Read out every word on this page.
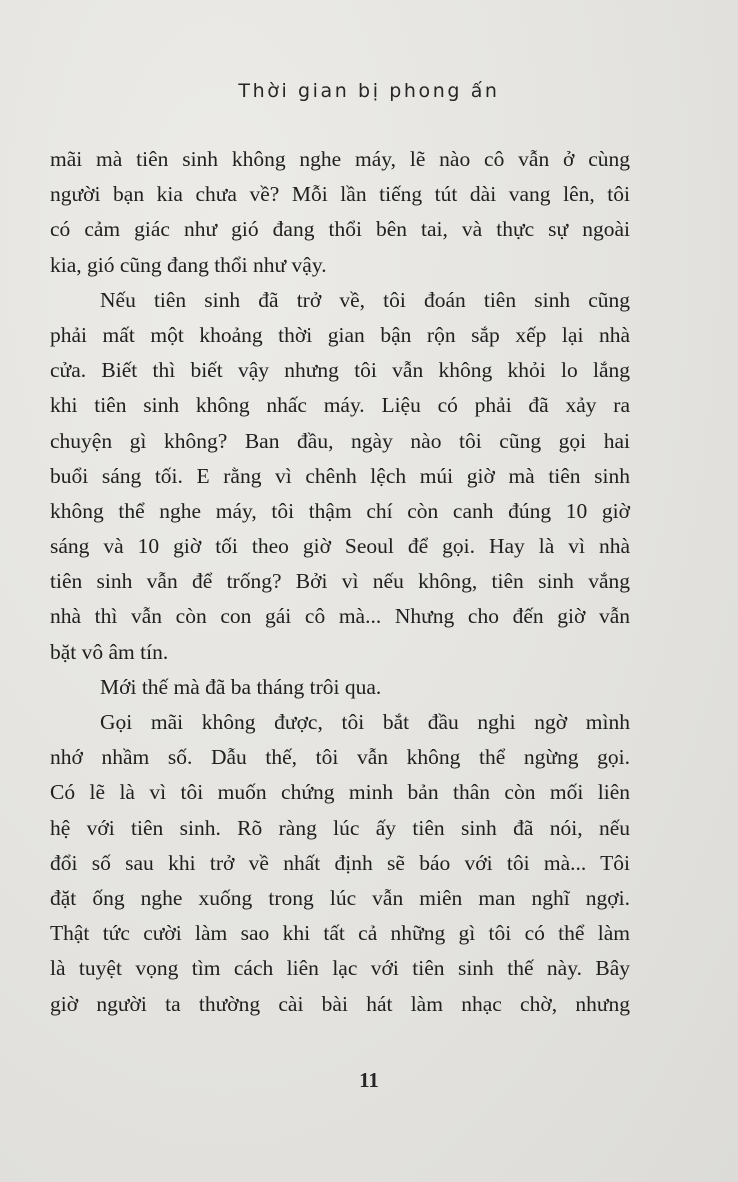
Thời gian bị phong ấn
mãi mà tiên sinh không nghe máy, lẽ nào cô vẫn ở cùng
người bạn kia chưa về? Mỗi lần tiếng tút dài vang lên, tôi
có cảm giác như gió đang thổi bên tai, và thực sự ngoài
kia, gió cũng đang thổi như vậy.
Nếu tiên sinh đã trở về, tôi đoán tiên sinh cũng
phải mất một khoảng thời gian bận rộn sắp xếp lại nhà
cửa. Biết thì biết vậy nhưng tôi vẫn không khỏi lo lắng
khi tiên sinh không nhấc máy. Liệu có phải đã xảy ra
chuyện gì không? Ban đầu, ngày nào tôi cũng gọi hai
buổi sáng tối. E rằng vì chênh lệch múi giờ mà tiên sinh
không thể nghe máy, tôi thậm chí còn canh đúng 10 giờ
sáng và 10 giờ tối theo giờ Seoul để gọi. Hay là vì nhà
tiên sinh vẫn để trống? Bởi vì nếu không, tiên sinh vắng
nhà thì vẫn còn con gái cô mà... Nhưng cho đến giờ vẫn
bặt vô âm tín.
Mới thế mà đã ba tháng trôi qua.
Gọi mãi không được, tôi bắt đầu nghi ngờ mình
nhớ nhầm số. Dẫu thế, tôi vẫn không thể ngừng gọi.
Có lẽ là vì tôi muốn chứng minh bản thân còn mối liên
hệ với tiên sinh. Rõ ràng lúc ấy tiên sinh đã nói, nếu
đổi số sau khi trở về nhất định sẽ báo với tôi mà... Tôi
đặt ống nghe xuống trong lúc vẫn miên man nghĩ ngợi.
Thật tức cười làm sao khi tất cả những gì tôi có thể làm
là tuyệt vọng tìm cách liên lạc với tiên sinh thế này. Bây
giờ người ta thường cài bài hát làm nhạc chờ, nhưng
11
